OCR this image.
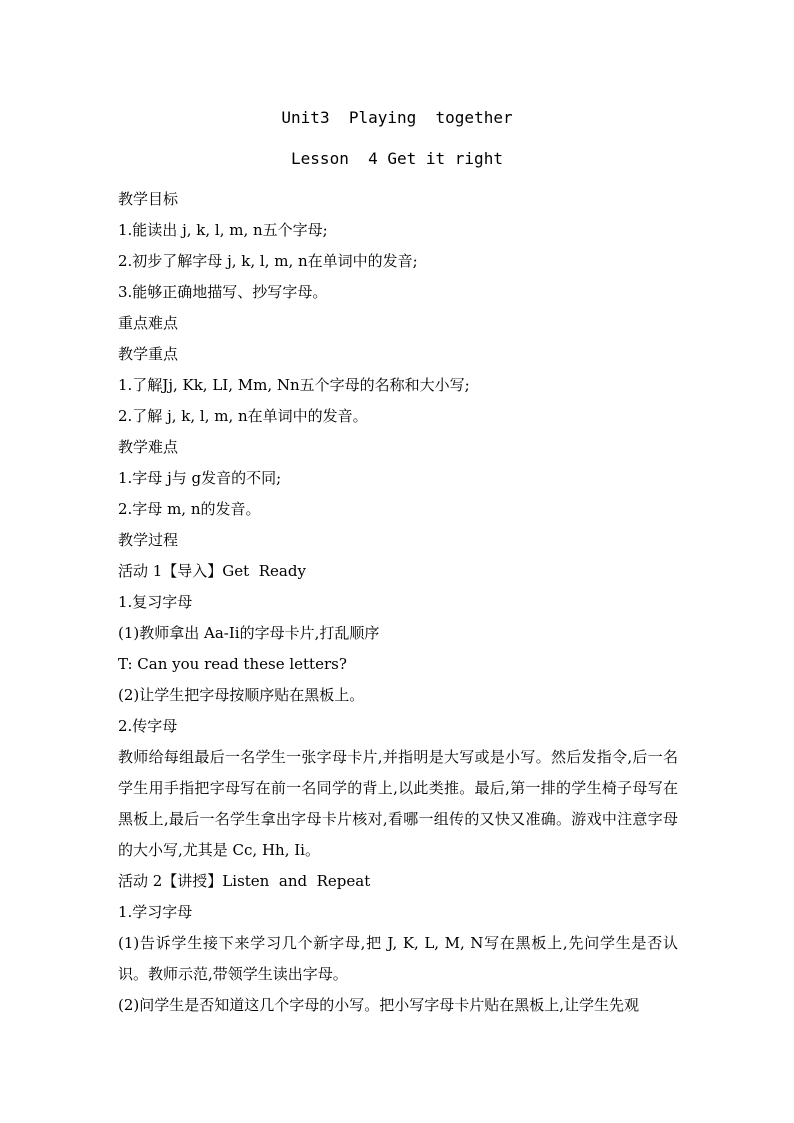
Unit3  Playing  together
Lesson  4 Get it right
教学目标
1.能读出 j, k, l, m, n五个字母;
2.初步了解字母 j, k, l, m, n在单词中的发音;
3.能够正确地描写、抄写字母。
重点难点
教学重点
1.了解Jj, Kk, LI, Mm, Nn五个字母的名称和大小写;
2.了解 j, k, l, m, n在单词中的发音。
教学难点
1.字母 j与 g发音的不同;
2.字母 m, n的发音。
教学过程
活动 1【导入】Get  Ready
1.复习字母
(1)教师拿出 Aa-Ii的字母卡片,打乱顺序
T: Can you read these letters?
(2)让学生把字母按顺序贴在黑板上。
2.传字母
教师给每组最后一名学生一张字母卡片,并指明是大写或是小写。然后发指令,后一名学生用手指把字母写在前一名同学的背上,以此类推。最后,第一排的学生椅子母写在黑板上,最后一名学生拿出字母卡片核对,看哪一组传的又快又准确。游戏中注意字母的大小写,尤其是 Cc, Hh, Ii。
活动 2【讲授】Listen  and  Repeat
1.学习字母
(1)告诉学生接下来学习几个新字母,把 J, K, L, M, N写在黑板上,先问学生是否认识。教师示范,带领学生读出字母。
(2)问学生是否知道这几个字母的小写。把小写字母卡片贴在黑板上,让学生先观
